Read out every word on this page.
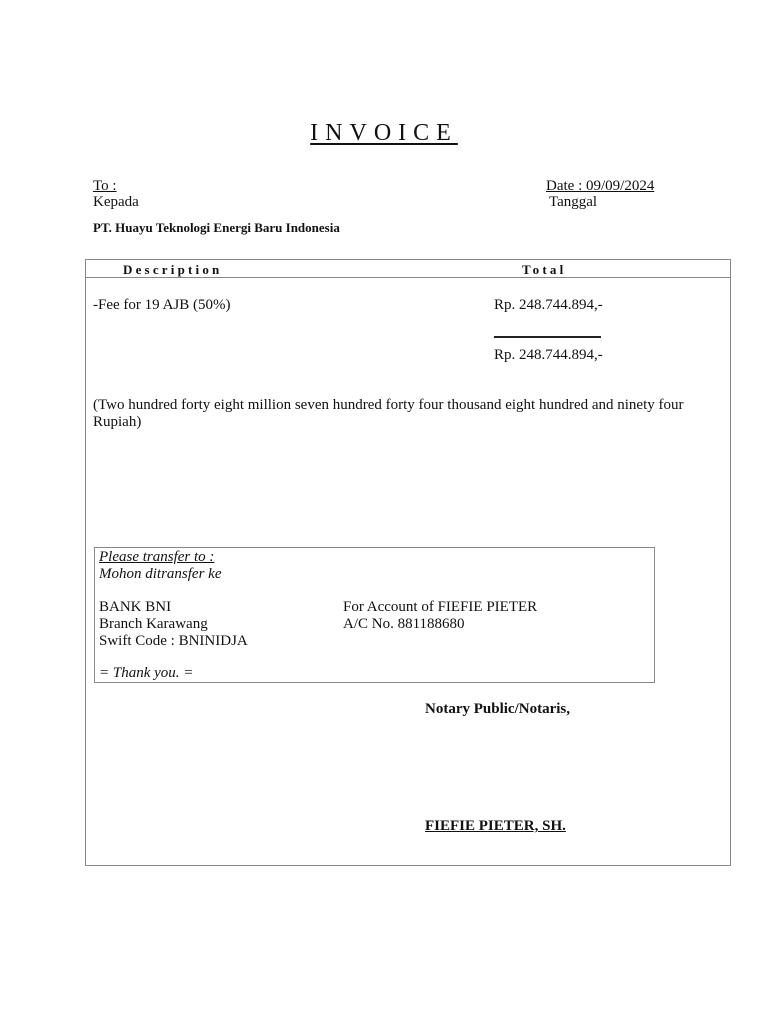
INVOICE
To :
Kepada
Date : 09/09/2024
Tanggal
PT. Huayu Teknologi Energi Baru Indonesia
Description	Total
-Fee for 19 AJB (50%)	Rp. 248.744.894,-
Rp. 248.744.894,-
(Two hundred forty eight million seven hundred forty four thousand eight hundred and ninety four Rupiah)
Please transfer to :
Mohon ditransfer ke
BANK BNI
Branch Karawang
Swift Code : BNINIDJA
For Account of FIEFIE PIETER
A/C No. 881188680
= Thank you. =
Notary Public/Notaris,
FIEFIE PIETER, SH.
